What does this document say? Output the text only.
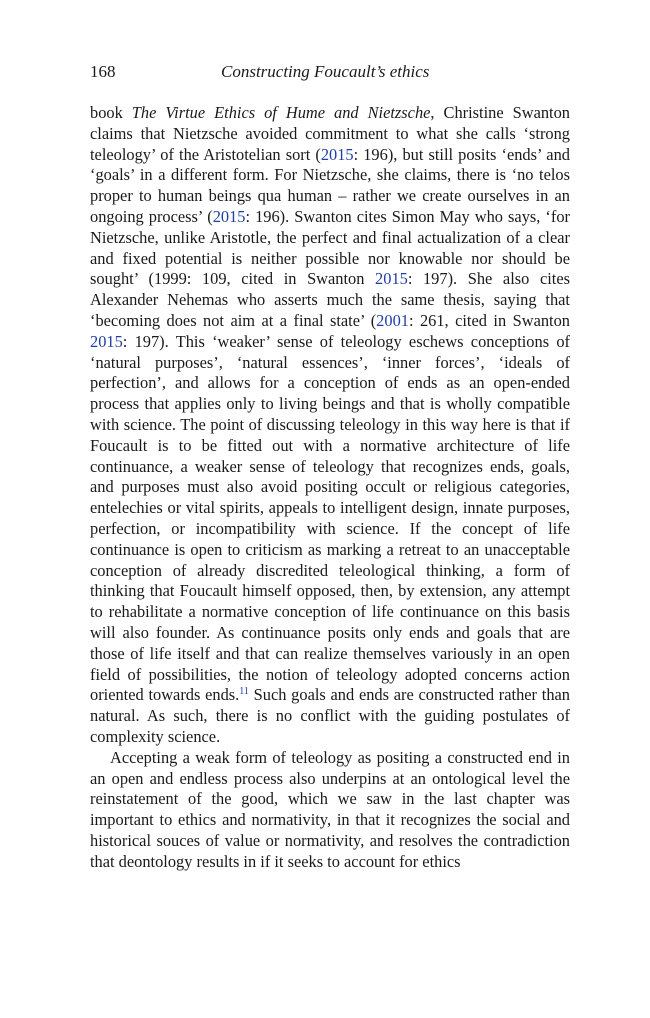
168	Constructing Foucault’s ethics

book The Virtue Ethics of Hume and Nietzsche, Christine Swanton claims that Nietzsche avoided commitment to what she calls ‘strong teleology’ of the Aristotelian sort (2015: 196), but still posits ‘ends’ and ‘goals’ in a different form. For Nietzsche, she claims, there is ‘no telos proper to human beings qua human – rather we create ourselves in an ongoing process’ (2015: 196). Swanton cites Simon May who says, ‘for Nietzsche, unlike Aristotle, the perfect and final actualization of a clear and fixed potential is neither possible nor knowable nor should be sought’ (1999: 109, cited in Swanton 2015: 197). She also cites Alexander Nehemas who asserts much the same thesis, saying that ‘becoming does not aim at a final state’ (2001: 261, cited in Swanton 2015: 197). This ‘weaker’ sense of teleology eschews conceptions of ‘natural purposes’, ‘natural essences’, ‘inner forces’, ‘ideals of perfection’, and allows for a conception of ends as an open-ended process that applies only to living beings and that is wholly compatible with science. The point of discussing teleology in this way here is that if Foucault is to be fitted out with a normative architecture of life continuance, a weaker sense of teleology that recognizes ends, goals, and purposes must also avoid positing occult or religious categories, entelechies or vital spirits, appeals to intelligent design, innate purposes, perfection, or incompatibility with science. If the concept of life continuance is open to criticism as marking a retreat to an unacceptable conception of already discredited teleological thinking, a form of thinking that Foucault himself opposed, then, by extension, any attempt to rehabilitate a normative conception of life continuance on this basis will also founder. As continuance posits only ends and goals that are those of life itself and that can realize themselves variously in an open field of possibilities, the notion of teleology adopted concerns action oriented towards ends.$^{11}$ Such goals and ends are constructed rather than natural. As such, there is no conflict with the guiding postulates of complexity science.

Accepting a weak form of teleology as positing a constructed end in an open and endless process also underpins at an ontological level the reinstatement of the good, which we saw in the last chapter was important to ethics and normativity, in that it recognizes the social and historical souces of value or normativity, and resolves the contradiction that deontology results in if it seeks to account for ethics
